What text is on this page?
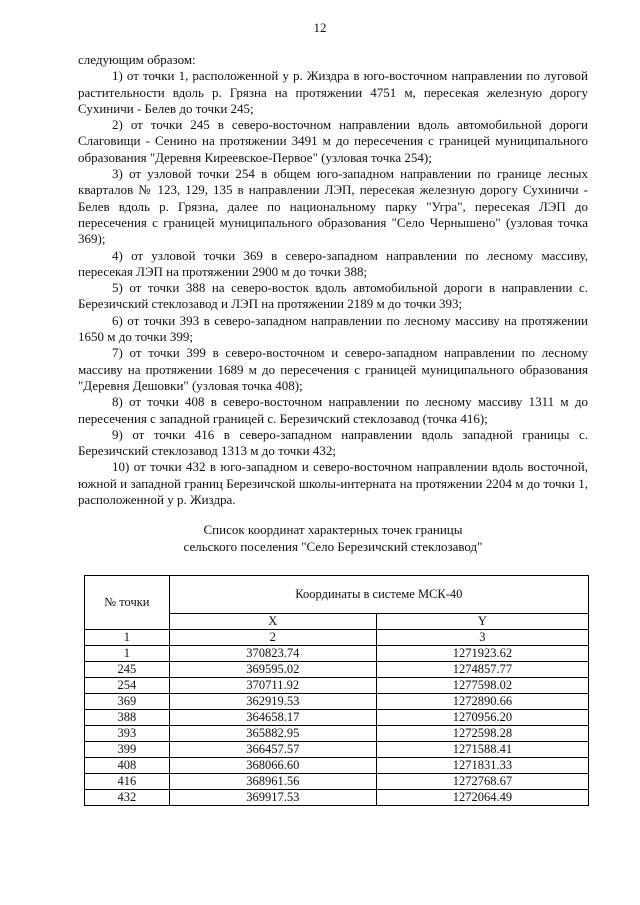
12

следующим образом:

1) от точки 1, расположенной у р. Жиздра в юго-восточном направлении по луговой растительности вдоль р. Грязна на протяжении 4751 м, пересекая железную дорогу Сухиничи - Белев до точки 245;

2) от точки 245 в северо-восточном направлении вдоль автомобильной дороги Слаговищи - Сенино на протяжении 3491 м до пересечения с границей муниципального образования "Деревня Киреевское-Первое" (узловая точка 254);

3) от узловой точки 254 в общем юго-западном направлении по границе лесных кварталов № 123, 129, 135 в направлении ЛЭП, пересекая железную дорогу Сухиничи - Белев вдоль р. Грязна, далее по национальному парку "Угра", пересекая ЛЭП до пересечения с границей муниципального образования "Село Чернышено" (узловая точка 369);

4) от узловой точки 369 в северо-западном направлении по лесному массиву, пересекая ЛЭП на протяжении 2900 м до точки 388;

5) от точки 388 на северо-восток вдоль автомобильной дороги в направлении с. Березичский стеклозавод и ЛЭП на протяжении 2189 м до точки 393;

6) от точки 393 в северо-западном направлении по лесному массиву на протяжении 1650 м до точки 399;

7) от точки 399 в северо-восточном и северо-западном направлении по лесному массиву на протяжении 1689 м до пересечения с границей муниципального образования "Деревня Дешовки" (узловая точка 408);

8) от точки 408 в северо-восточном направлении по лесному массиву 1311 м до пересечения с западной границей с. Березичский стеклозавод (точка 416);

9) от точки 416 в северо-западном направлении вдоль западной границы с. Березичский стеклозавод 1313 м до точки 432;

10) от точки 432 в юго-западном и северо-восточном направлении вдоль восточной, южной и западной границ Березичской школы-интерната на протяжении 2204 м до точки 1, расположенной у р. Жиздра.

Список координат характерных точек границы
сельского поселения "Село Березичский стеклозавод"
№ точки	Координаты в системе МСК-40	
	X	Y
1	2	3
1	370823.74	1271923.62
245	369595.02	1274857.77
254	370711.92	1277598.02
369	362919.53	1272890.66
388	364658.17	1270956.20
393	365882.95	1272598.28
399	366457.57	1271588.41
408	368066.60	1271831.33
416	368961.56	1272768.67
432	369917.53	1272064.49
